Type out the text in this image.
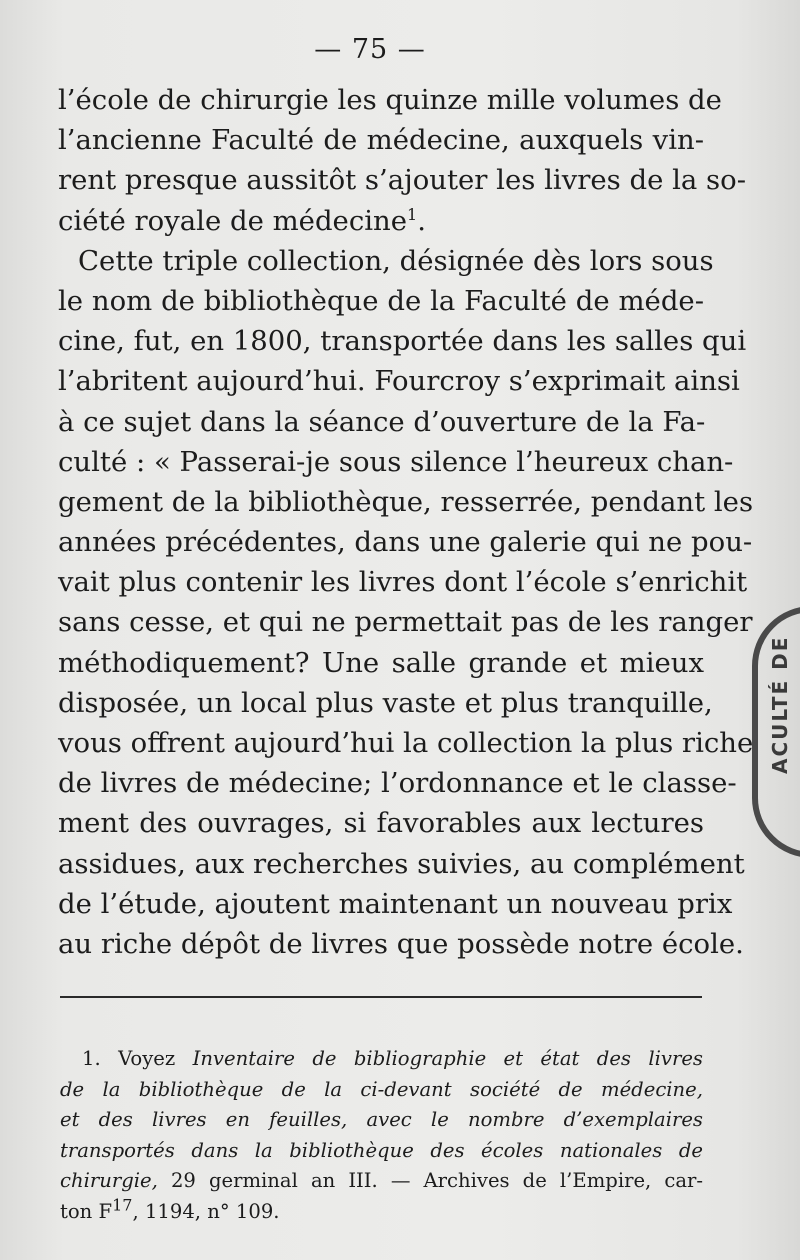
— 75 —
l’école de chirurgie les quinze mille volumes de
l’ancienne Faculté de médecine, auxquels vin-
rent presque aussitôt s’ajouter les livres de la so-
ciété royale de médecine$^1$.
Cette triple collection, désignée dès lors sous
le nom de bibliothèque de la Faculté de méde-
cine, fut, en 1800, transportée dans les salles qui
l’abritent aujourd’hui. Fourcroy s’exprimait ainsi
à ce sujet dans la séance d’ouverture de la Fa-
culté : « Passerai-je sous silence l’heureux chan-
gement de la bibliothèque, resserrée, pendant les
années précédentes, dans une galerie qui ne pou-
vait plus contenir les livres dont l’école s’enrichit
sans cesse, et qui ne permettait pas de les ranger
méthodiquement? Une salle grande et mieux
disposée, un local plus vaste et plus tranquille,
vous offrent aujourd’hui la collection la plus riche
de livres de médecine; l’ordonnance et le classe-
ment des ouvrages, si favorables aux lectures
assidues, aux recherches suivies, au complément
de l’étude, ajoutent maintenant un nouveau prix
au riche dépôt de livres que possède notre école.
1. Voyez Inventaire de bibliographie et état des livres
de la bibliothèque de la ci-devant société de médecine,
et des livres en feuilles, avec le nombre d’exemplaires
transportés dans la bibliothèque des écoles nationales de
chirurgie, 29 germinal an III. — Archives de l’Empire, car-
ton $F^{17}$, 1194, n° 109.
ACULTÉ DE
